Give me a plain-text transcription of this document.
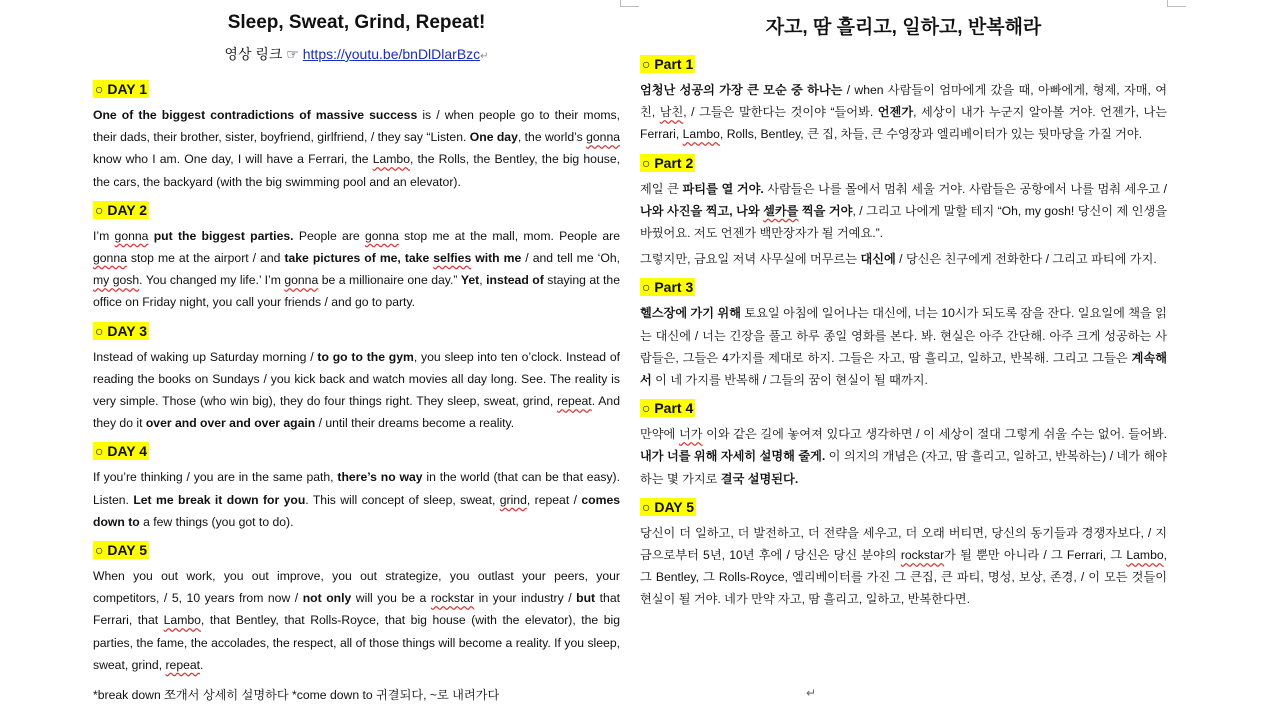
Sleep, Sweat, Grind, Repeat!
영상 링크 ☞ https://youtu.be/bnDlDlarBzc↵
○ DAY 1
One of the biggest contradictions of massive success is / when people go to their moms, their dads, their brother, sister, boyfriend, girlfriend, / they say “Listen. One day, the world’s gonna know who I am. One day, I will have a Ferrari, the Lambo, the Rolls, the Bentley, the big house, the cars, the backyard (with the big swimming pool and an elevator).
○ DAY 2
I’m gonna put the biggest parties. People are gonna stop me at the mall, mom. People are gonna stop me at the airport / and take pictures of me, take selfies with me / and tell me ‘Oh, my gosh. You changed my life.’ I’m gonna be a millionaire one day.” Yet, instead of staying at the office on Friday night, you call your friends / and go to party.
○ DAY 3
Instead of waking up Saturday morning / to go to the gym, you sleep into ten o’clock. Instead of reading the books on Sundays / you kick back and watch movies all day long. See. The reality is very simple. Those (who win big), they do four things right. They sleep, sweat, grind, repeat. And they do it over and over and over again / until their dreams become a reality.
○ DAY 4
If you’re thinking / you are in the same path, there’s no way in the world (that can be that easy). Listen. Let me break it down for you. This will concept of sleep, sweat, grind, repeat / comes down to a few things (you got to do).
○ DAY 5
When you out work, you out improve, you out strategize, you outlast your peers, your competitors, / 5, 10 years from now / not only will you be a rockstar in your industry / but that Ferrari, that Lambo, that Bentley, that Rolls-Royce, that big house (with the elevator), the big parties, the fame, the accolades, the respect, all of those things will become a reality. If you sleep, sweat, grind, repeat.
*break down 쪼개서 상세히 설명하다 *come down to 귀결되다, ~로 내려가다
자고, 땀 흘리고, 일하고, 반복해라
○ Part 1
엄청난 성공의 가장 큰 모순 중 하나는 / when 사람들이 엄마에게 갔을 때, 아빠에게, 형제, 자매, 여친, 남친, / 그들은 말한다는 것이야 “들어봐. 언젠가, 세상이 내가 누군지 알아볼 거야. 언젠가, 나는 Ferrari, Lambo, Rolls, Bentley, 큰 집, 차들, 큰 수영장과 엘리베이터가 있는 뒷마당을 가질 거야.
○ Part 2
제일 큰 파티를 열 거야. 사람들은 나를 몰에서 멈춰 세울 거야. 사람들은 공항에서 나를 멈춰 세우고 / 나와 사진을 찍고, 나와 셀카를 찍을 거야, / 그리고 나에게 말할 테지 “Oh, my gosh! 당신이 제 인생을 바꿨어요. 저도 언젠가 백만장자가 될 거예요.”.
그렇지만, 금요일 저녁 사무실에 머무르는 대신에 / 당신은 친구에게 전화한다 / 그리고 파티에 가지.
○ Part 3
헬스장에 가기 위해 토요일 아침에 일어나는 대신에, 너는 10시가 되도록 잠을 잔다. 일요일에 책을 읽는 대신에 / 너는 긴장을 풀고 하루 종일 영화를 본다. 봐. 현실은 아주 간단해. 아주 크게 성공하는 사람들은, 그들은 4가지를 제대로 하지. 그들은 자고, 땀 흘리고, 일하고, 반복해. 그리고 그들은 계속해서 이 네 가지를 반복해 / 그들의 꿈이 현실이 될 때까지.
○ Part 4
만약에 너가 이와 같은 길에 놓여져 있다고 생각하면 / 이 세상이 절대 그렇게 쉬울 수는 없어. 들어봐. 내가 너를 위해 자세히 설명해 줄게. 이 의지의 개념은 (자고, 땀 흘리고, 일하고, 반복하는) / 네가 해야 하는 몇 가지로 결국 설명된다.
○ DAY 5
당신이 더 일하고, 더 발전하고, 더 전략을 세우고, 더 오래 버티면, 당신의 동기들과 경쟁자보다, / 지금으로부터 5년, 10년 후에 / 당신은 당신 분야의 rockstar가 될 뿐만 아니라 / 그 Ferrari, 그 Lambo, 그 Bentley, 그 Rolls-Royce, 엘리베이터를 가진 그 큰집, 큰 파티, 명성, 보상, 존경, / 이 모든 것들이 현실이 될 거야. 네가 만약 자고, 땀 흘리고, 일하고, 반복한다면.
↵
